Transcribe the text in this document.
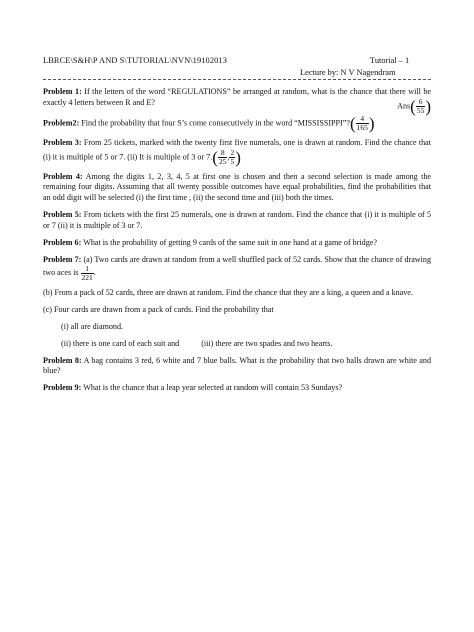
LBRCE\S&H\P AND S\TUTORIAL\NVN\19102013	Tutorial – 1
Lecture by: N V Nagendram

Problem 1: If the letters of the word “REGULATIONS” be arranged at random, what is the chance that there will be exactly 4 letters between R and E?	$Ans( \frac{6}{55}$ )

Problem2: Find the probability that four S’s come consecutively in the word “MISSISSIPPI”?( $\frac{4}{165}$ )

Problem 3: From 25 tickets, marked with the twenty first five numerals, one is drawn at random. Find the chance that (i) it is multiple of 5 or 7. (ii) It is multiple of 3 or $7.( \frac{8}{25}$ , $\frac{2}{5}$ )

Problem 4: Among the digits 1, 2, 3, 4, 5 at first one is chosen and then a second selection is made among the remaining four digits. Assuming that all twenty possible outcomes have equal probabilities, find the probabilities that an odd digit will be selected (i) the first time , (ii) the second time and (iii) both the times.

Problem 5: From tickets with the first 25 numerals, one is drawn at random. Find the chance that (i) it is multiple of 5 or 7 (ii) it is multiple of 3 or 7.

Problem 6: What is the probability of getting 9 cards of the same suit in one hand at a game of bridge?

Problem 7: (a) Two cards are drawn at random from a well shuffled pack of 52 cards. Show that the chance of drawing two aces is $\frac{1}{221}$ .

(b) From a pack of 52 cards, three are drawn at random. Find the chance that they are a king, a queen and a knave.

(c) Four cards are drawn from a pack of cards. Find the probability that

(i) all are diamond.

(ii) there is one card of each suit and	(iii) there are two spades and two hearts.

Problem 8: A bag contains 3 red, 6 white and 7 blue balls. What is the probability that two balls drawn are white and blue?

Problem 9: What is the chance that a leap year selected at random will contain 53 Sundays?
